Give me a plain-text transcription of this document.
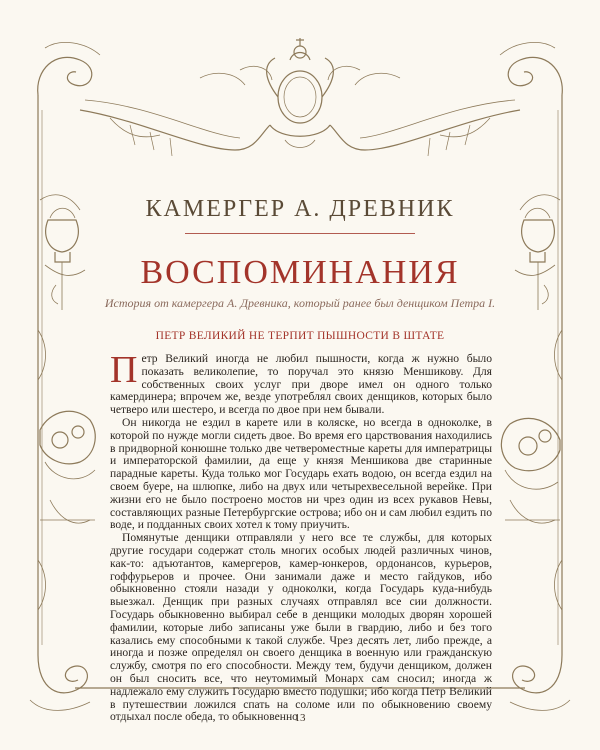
КАМЕРГЕР А. ДРЕВНИК
ВОСПОМИНАНИЯ
История от камергера А. Древника, который ранее был денщиком Петра I.
ПЕТР ВЕЛИКИЙ НЕ ТЕРПИТ ПЫШНОСТИ В ШТАТЕ

Петр Великий иногда не любил пышности, когда ж нужно было показать великолепие, то поручал это князю Меншикову. Для собственных своих услуг при дворе имел он одного только камердинера; впрочем же, везде употреблял своих денщиков, которых было четверо или шестеро, и всегда по двое при нем бывали.

Он никогда не ездил в карете или в коляске, но всегда в одноколке, в которой по нужде могли сидеть двое. Во время его царствования находились в придворной конюшне только две четвероместные кареты для императрицы и императорской фамилии, да еще у князя Меншикова две старинные парадные кареты. Куда только мог Государь ехать водою, он всегда ездил на своем буере, на шлюпке, либо на двух или четырехвесельной верейке. При жизни его не было построено мостов ни чрез один из всех рукавов Невы, составляющих разные Петербургские острова; ибо он и сам любил ездить по воде, и подданных своих хотел к тому приучить.

Помянутые денщики отправляли у него все те службы, для которых другие государи содержат столь многих особых людей различных чинов, как-то: адъютантов, камергеров, камер-юнкеров, ордонансов, курьеров, гоффурьеров и прочее. Они занимали даже и место гайдуков, ибо обыкновенно стояли назади у одноколки, когда Государь куда-нибудь выезжал. Денщик при разных случаях отправлял все сии должности. Государь обыкновенно выбирал себе в денщики молодых дворян хорошей фамилии, которые либо записаны уже были в гвардию, либо и без того казались ему способными к такой службе. Чрез десять лет, либо прежде, а иногда и позже определял он своего денщика в военную или гражданскую службу, смотря по его способности. Между тем, будучи денщиком, должен он был сносить все, что неутомимый Монарх сам сносил; иногда ж надлежало ему служить Государю вместо подушки; ибо когда Петр Великий в путешествии ложился спать на соломе или по обыкновению своему отдыхал после обеда, то обыкновенно

13
